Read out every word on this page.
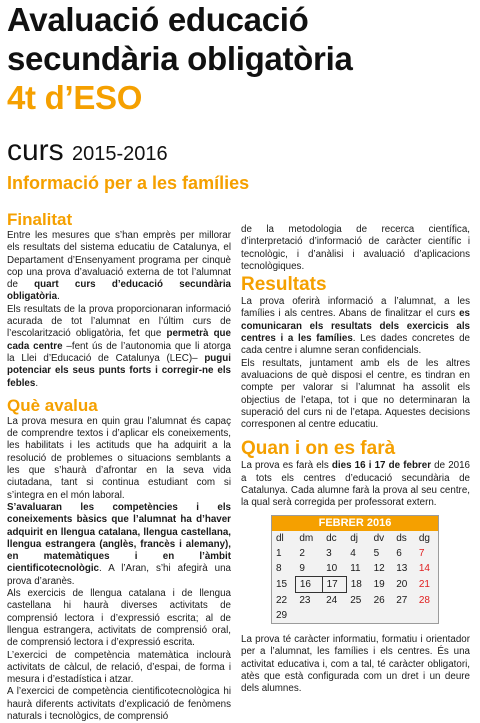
Avaluació educació
secundària obligatòria
4t d’ESO
curs 2015-2016
Informació per a les famílies
Finalitat

Entre les mesures que s’han emprès per millorar els resultats del sistema educatiu de Catalunya, el Departament d’Ensenyament programa per cinquè cop una prova d’avaluació externa de tot l’alumnat de quart curs d’educació secundària obligatòria.

Els resultats de la prova proporcionaran informació acurada de tot l’alumnat en l’últim curs de l’escolarització obligatòria, fet que permetrà que cada centre –fent ús de l’autonomia que li atorga la Llei d’Educació de Catalunya (LEC)– pugui potenciar els seus punts forts i corregir-ne els febles.

Què avalua

La prova mesura en quin grau l’alumnat és capaç de comprendre textos i d’aplicar els coneixements, les habilitats i les actituds que ha adquirit a la resolució de problemes o situacions semblants a les que s’haurà d’afrontar en la seva vida ciutadana, tant si continua estudiant com si s’integra en el món laboral.

S’avaluaran les competències i els coneixements bàsics que l’alumnat ha d’haver adquirit en llengua catalana, llengua castellana, llengua estrangera (anglès, francès i alemany), en matemàtiques i en l’àmbit cientificotecnològic. A l’Aran, s’hi afegirà una prova d’aranès.

Als exercicis de llengua catalana i de llengua castellana hi haurà diverses activitats de comprensió lectora i d’expressió escrita; al de llengua estrangera, activitats de comprensió oral, de comprensió lectora i d’expressió escrita.

L’exercici de competència matemàtica inclourà activitats de càlcul, de relació, d’espai, de forma i mesura i d’estadística i atzar.

A l’exercici de competència cientificotecnològica hi haurà diferents activitats d’explicació de fenòmens naturals i tecnològics, de comprensió

de la metodologia de recerca científica, d’interpretació d’informació de caràcter científic i tecnològic, i d’anàlisi i avaluació d’aplicacions tecnològiques.

Resultats

La prova oferirà informació a l’alumnat, a les famílies i als centres. Abans de finalitzar el curs es comunicaran els resultats dels exercicis als centres i a les famílies. Les dades concretes de cada centre i alumne seran confidencials.

Els resultats, juntament amb els de les altres avaluacions de què disposi el centre, es tindran en compte per valorar si l’alumnat ha assolit els objectius de l’etapa, tot i que no determinaran la superació del curs ni de l’etapa. Aquestes decisions corresponen al centre educatiu.

Quan i on es farà

La prova es farà els dies 16 i 17 de febrer de 2016 a tots els centres d’educació secundària de Catalunya. Cada alumne farà la prova al seu centre, la qual serà corregida per professorat extern.

FEBRER 2016
dl	dm	dc	dj	dv	ds	dg
1	2	3	4	5	6	7
8	9	10	11	12	13	14
15	16	17	18	19	20	21
22	23	24	25	26	27	28
29						
La prova té caràcter informatiu, formatiu i orientador per a l’alumnat, les famílies i els centres. És una activitat educativa i, com a tal, té caràcter obligatori, atès que està configurada com un dret i un deure dels alumnes.
